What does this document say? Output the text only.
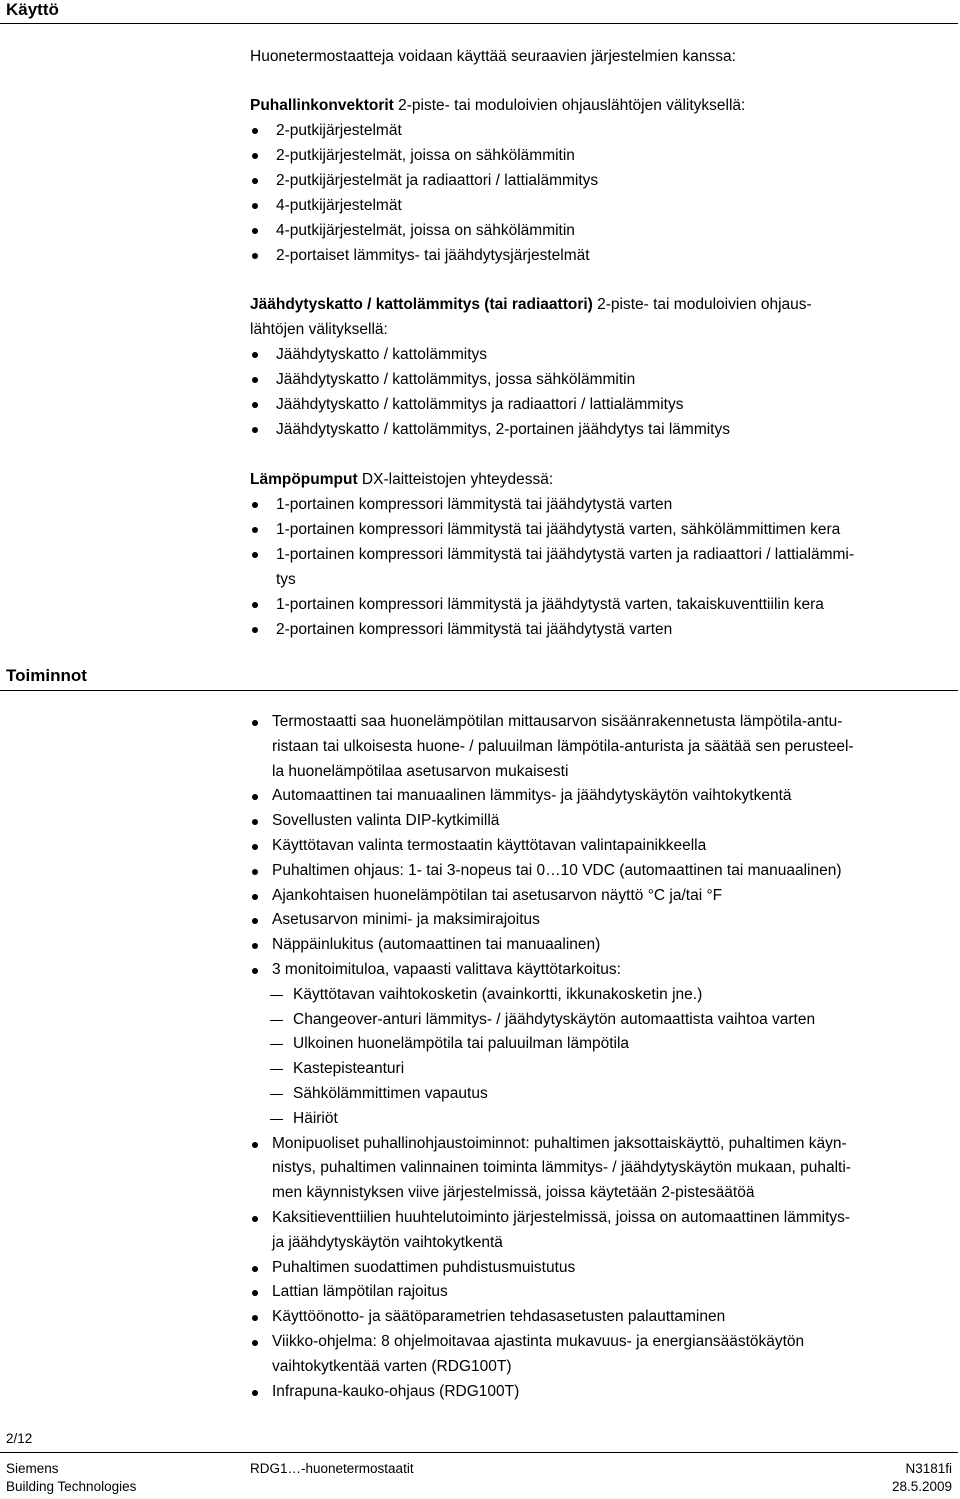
Käyttö
Huonetermostaatteja voidaan käyttää seuraavien järjestelmien kanssa:
Puhallinkonvektorit 2-piste- tai moduloivien ohjauslähtöjen välityksellä:
2-putkijärjestelmät
2-putkijärjestelmät, joissa on sähkölämmitin
2-putkijärjestelmät ja radiaattori / lattialämmitys
4-putkijärjestelmät
4-putkijärjestelmät, joissa on sähkölämmitin
2-portaiset lämmitys- tai jäähdytysjärjestelmät
Jäähdytyskatto / kattolämmitys (tai radiaattori) 2-piste- tai moduloivien ohjaus-
lähtöjen välityksellä:
Jäähdytyskatto / kattolämmitys
Jäähdytyskatto / kattolämmitys, jossa sähkölämmitin
Jäähdytyskatto / kattolämmitys ja radiaattori / lattialämmitys
Jäähdytyskatto / kattolämmitys, 2-portainen jäähdytys tai lämmitys
Lämpöpumput DX-laitteistojen yhteydessä:
1-portainen kompressori lämmitystä tai jäähdytystä varten
1-portainen kompressori lämmitystä tai jäähdytystä varten, sähkölämmittimen kera
1-portainen kompressori lämmitystä tai jäähdytystä varten ja radiaattori / lattialämmi-
tys
1-portainen kompressori lämmitystä ja jäähdytystä varten, takaiskuventtiilin kera
2-portainen kompressori lämmitystä tai jäähdytystä varten
Toiminnot
Termostaatti saa huonelämpötilan mittausarvon sisäänrakennetusta lämpötila-antu-
ristaan tai ulkoisesta huone- / paluuilman lämpötila-anturista ja säätää sen perusteel-
la huonelämpötilaa asetusarvon mukaisesti
Automaattinen tai manuaalinen lämmitys- ja jäähdytyskäytön vaihtokytkentä
Sovellusten valinta DIP-kytkimillä
Käyttötavan valinta termostaatin käyttötavan valintapainikkeella
Puhaltimen ohjaus: 1- tai 3-nopeus tai 0…10 VDC (automaattinen tai manuaalinen)
Ajankohtaisen huonelämpötilan tai asetusarvon näyttö °C ja/tai °F
Asetusarvon minimi- ja maksimirajoitus
Näppäinlukitus (automaattinen tai manuaalinen)
3 monitoimituloa, vapaasti valittava käyttötarkoitus:
Käyttötavan vaihtokosketin (avainkortti, ikkunakosketin jne.)
Changeover-anturi lämmitys- / jäähdytyskäytön automaattista vaihtoa varten
Ulkoinen huonelämpötila tai paluuilman lämpötila
Kastepisteanturi
Sähkölämmittimen vapautus
Häiriöt
Monipuoliset puhallinohjaustoiminnot: puhaltimen jaksottaiskäyttö, puhaltimen käyn-
nistys, puhaltimen valinnainen toiminta lämmitys- / jäähdytyskäytön mukaan, puhalti-
men käynnistyksen viive järjestelmissä, joissa käytetään 2-pistesäätöä
Kaksitieventtiilien huuhtelutoiminto järjestelmissä, joissa on automaattinen lämmitys-
ja jäähdytyskäytön vaihtokytkentä
Puhaltimen suodattimen puhdistusmuistutus
Lattian lämpötilan rajoitus
Käyttöönotto- ja säätöparametrien tehdasasetusten palauttaminen
Viikko-ohjelma: 8 ohjelmoitavaa ajastinta mukavuus- ja energiansäästökäytön
vaihtokytkentää varten (RDG100T)
Infrapuna-kauko-ohjaus (RDG100T)
2/12
Siemens
Building Technologies
RDG1…-huonetermostaatit	N3181fi
28.5.2009
